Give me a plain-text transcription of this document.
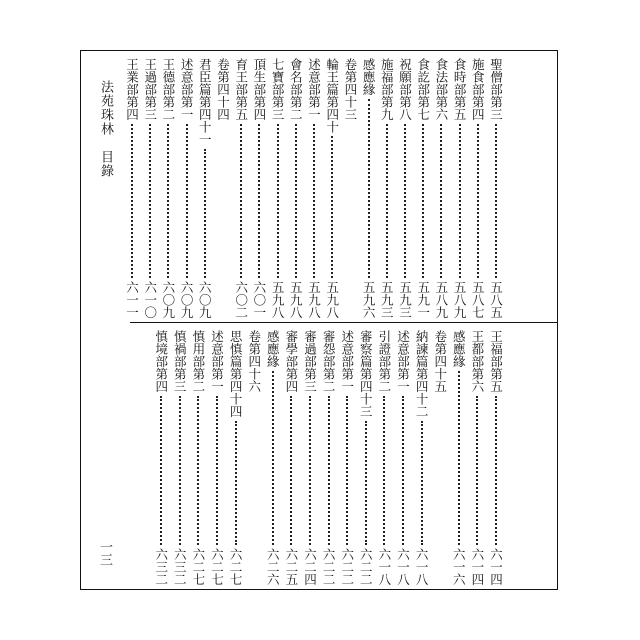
法苑珠林目錄
一三
聖僧部第三
五八五
施食部第四
五八七
食時部第五
五八九
食法部第六
五八九
食訖部第七
五九一
祝願部第八
五九三
施福部第九
五九三
感應緣
五九六
卷第四十三
輪王篇第四十
五九八
述意部第一
五九八
會名部第二
五九八
七寶部第三
五九八
頂生部第四
六〇一
育王部第五
六〇二
卷第四十四
君臣篇第四十一
六〇九
述意部第一
六〇九
王德部第二
六〇九
王過部第三
六一〇
王業部第四
六一一
王福部第五
六一四
王都部第六
六一四
感應緣
六一六
卷第四十五
納諫篇第四十二
六一八
述意部第一
六一八
引證部第二
六一八
審察篇第四十三
六二二
述意部第一
六二二
審怨部第二
六二二
審過部第三
六二四
審學部第四
六二五
感應緣
六二六
卷第四十六
思慎篇第四十四
六二七
述意部第一
六二七
慎用部第二
六二七
慎禍部第三
六三二
慎境部第四
六三二
